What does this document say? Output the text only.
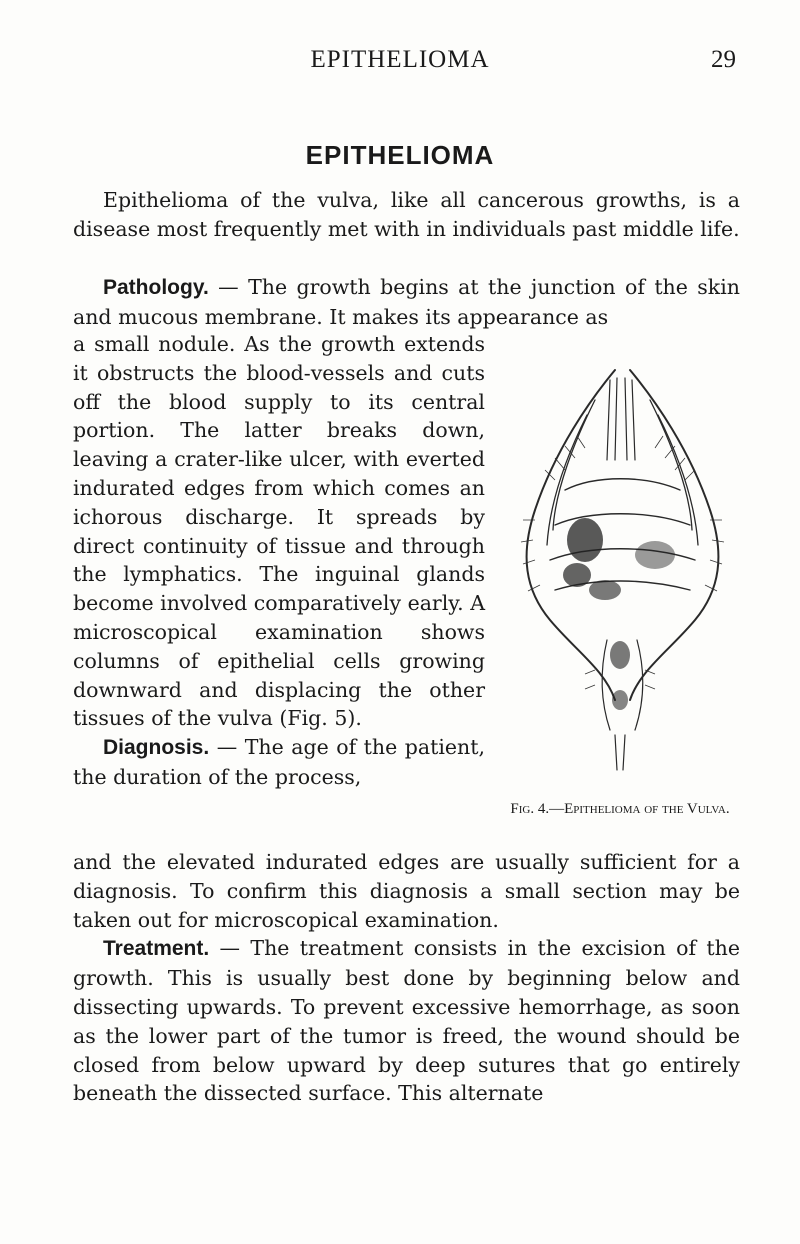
EPITHELIOMA	29
EPITHELIOMA

Epithelioma of the vulva, like all cancerous growths, is a disease most frequently met with in individuals past middle life.

Pathology. — The growth begins at the junction of the skin and mucous membrane. It makes its appearance as

a small nodule. As the growth extends it obstructs the blood-vessels and cuts off the blood supply to its central portion. The latter breaks down, leaving a crater-like ulcer, with everted indurated edges from which comes an ichorous discharge. It spreads by direct continuity of tissue and through the lymphatics. The inguinal glands become involved comparatively early. A microscopical examination shows columns of epithelial cells growing downward and displacing the other tissues of the vulva (Fig. 5).

Diagnosis. — The age of the patient, the duration of the process,

and the elevated indurated edges are usually sufficient for a diagnosis. To confirm this diagnosis a small section may be taken out for microscopical examination.

Treatment. — The treatment consists in the excision of the growth. This is usually best done by beginning below and dissecting upwards. To prevent excessive hemorrhage, as soon as the lower part of the tumor is freed, the wound should be closed from below upward by deep sutures that go entirely beneath the dissected surface. This alternate

Fig. 4.—Epithelioma of the Vulva.
